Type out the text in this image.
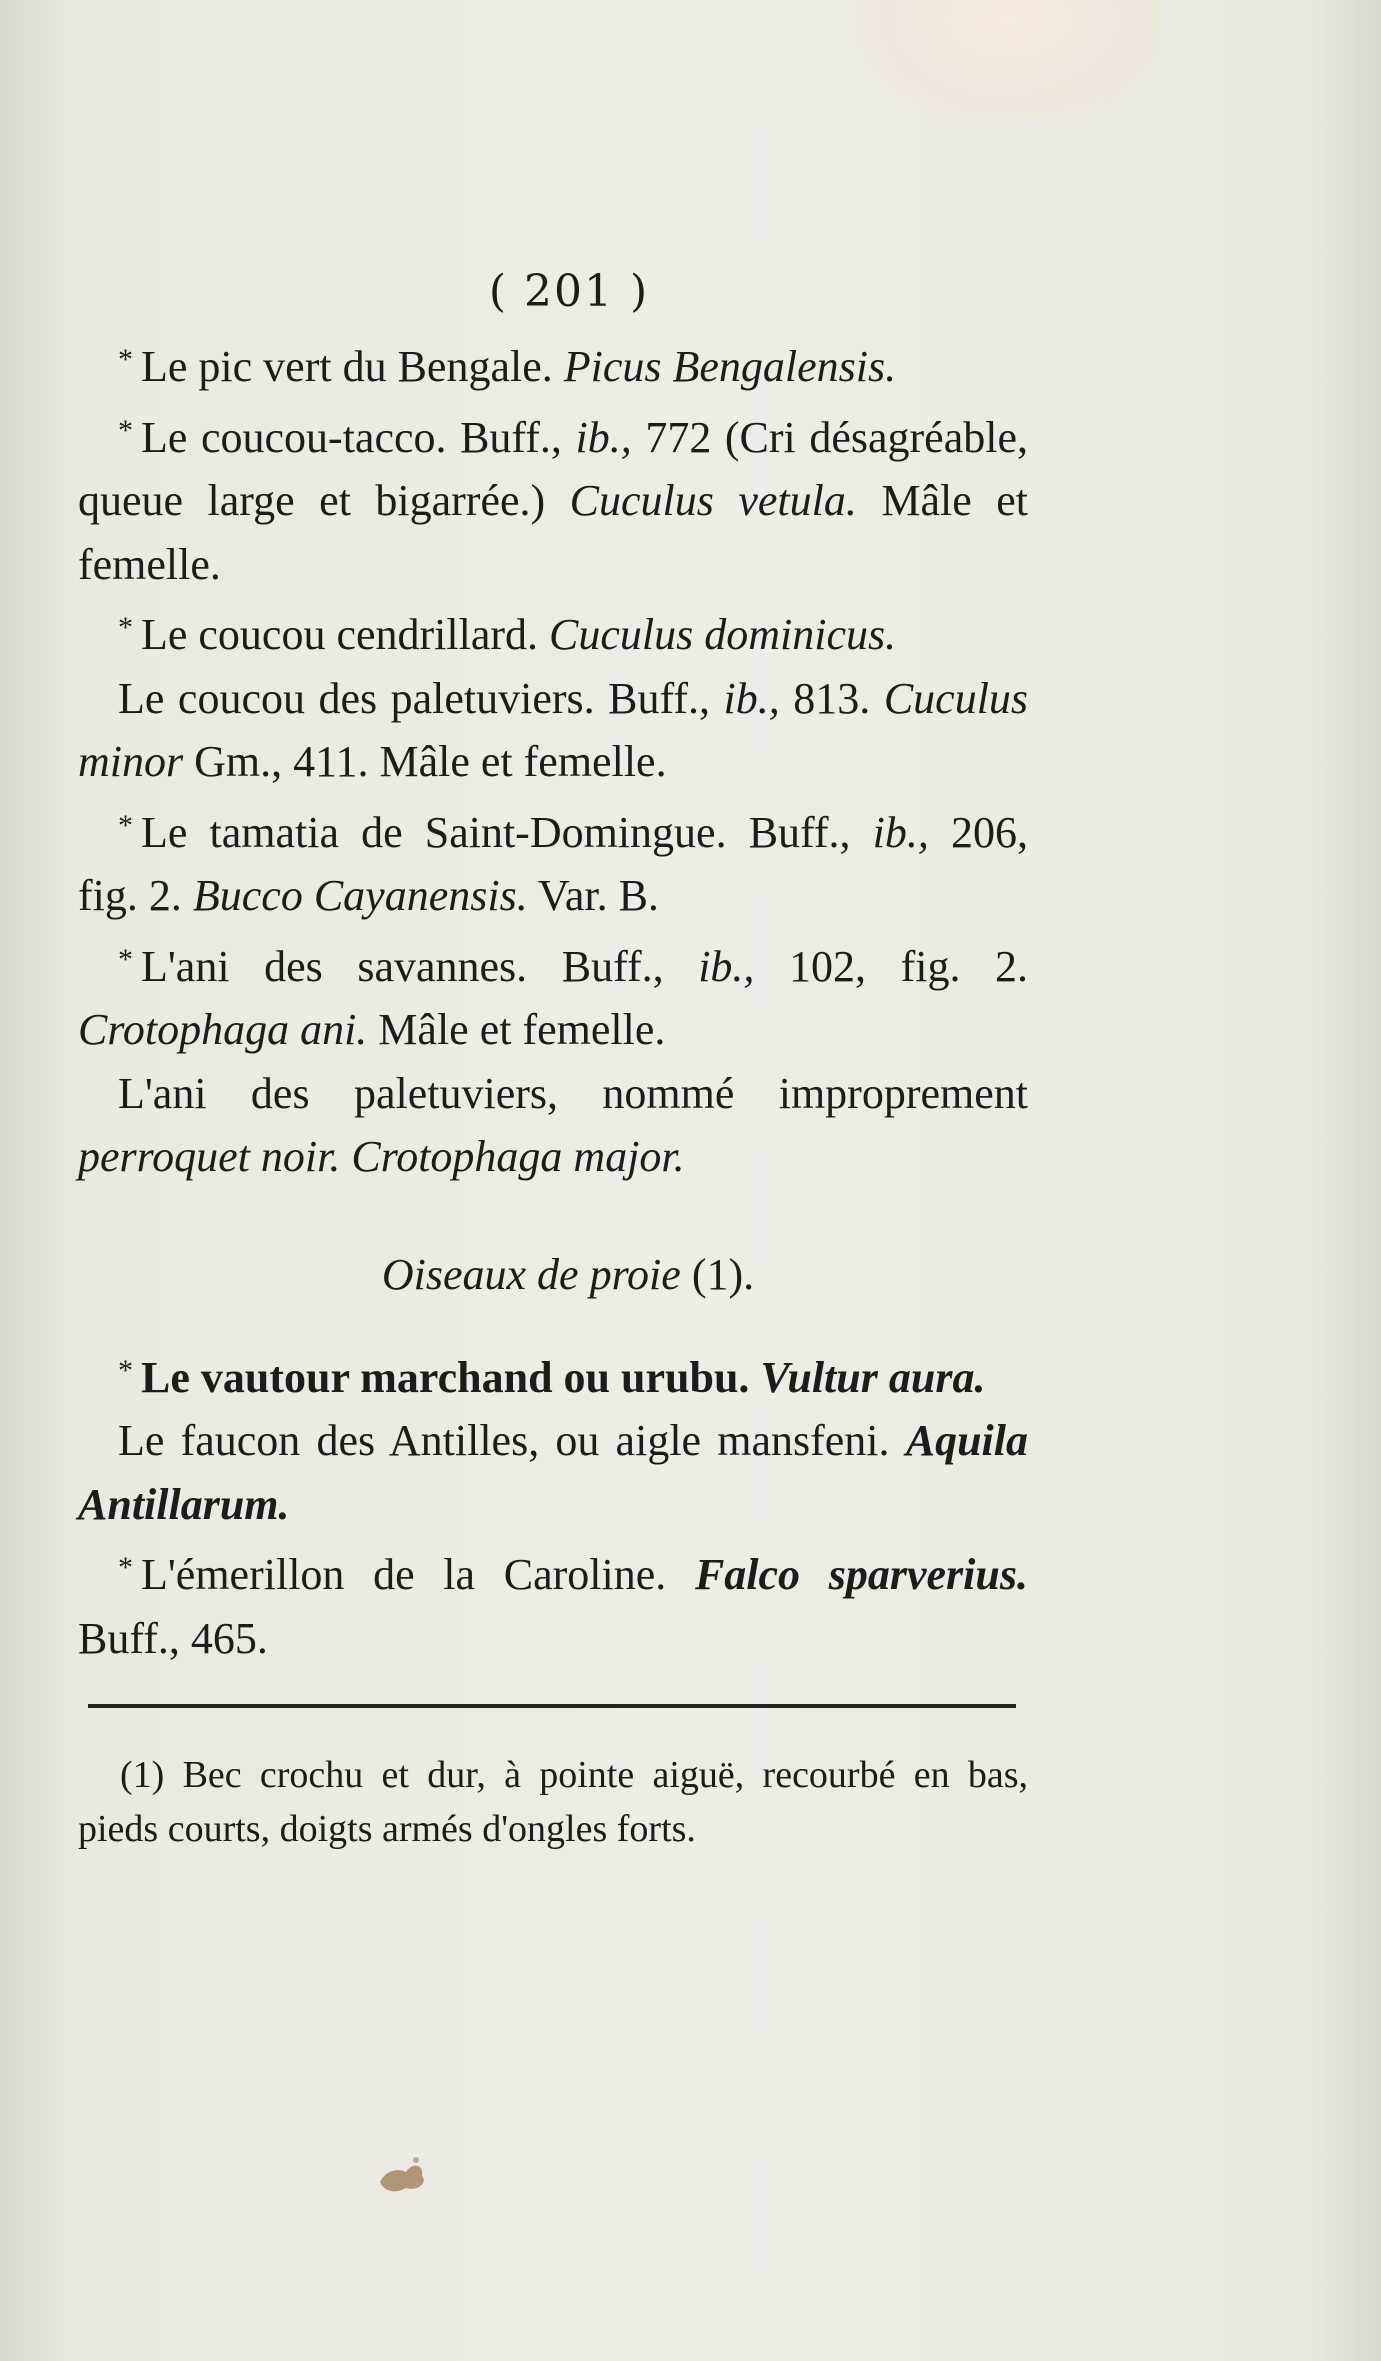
( 201 )

* Le pic vert du Bengale. Picus Bengalensis.

* Le coucou-tacco. Buff., ib., 772 (Cri désagréable, queue large et bigarrée.) Cuculus vetula. Mâle et femelle.

* Le coucou cendrillard. Cuculus dominicus.

Le coucou des paletuviers. Buff., ib., 813. Cuculus minor Gm., 411. Mâle et femelle.

* Le tamatia de Saint-Domingue. Buff., ib., 206, fig. 2. Bucco Cayanensis. Var. B.

* L'ani des savannes. Buff., ib., 102, fig. 2. Crotophaga ani. Mâle et femelle.

L'ani des paletuviers, nommé improprement perroquet noir. Crotophaga major.

Oiseaux de proie (1).

* Le vautour marchand ou urubu. Vultur aura.

Le faucon des Antilles, ou aigle mansfeni. Aquila Antillarum.

* L'émerillon de la Caroline. Falco sparverius. Buff., 465.

(1) Bec crochu et dur, à pointe aiguë, recourbé en bas, pieds courts, doigts armés d'ongles forts.
